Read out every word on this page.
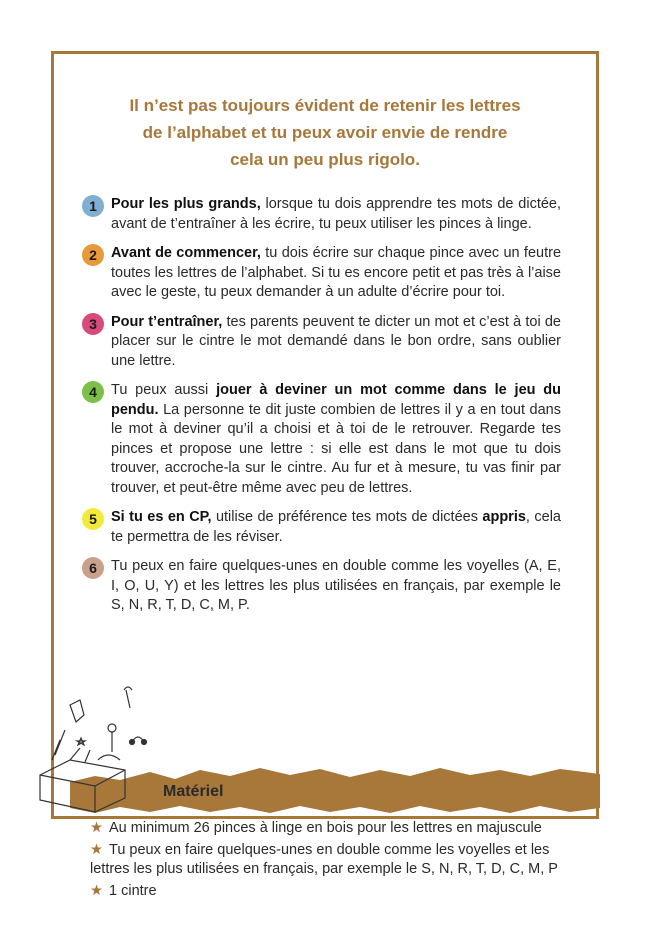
Il n’est pas toujours évident de retenir les lettres
de l’alphabet et tu peux avoir envie de rendre
cela un peu plus rigolo.
1 Pour les plus grands, lorsque tu dois apprendre tes mots de dictée, avant de t’entraîner à les écrire, tu peux utiliser les pinces à linge.
2 Avant de commencer, tu dois écrire sur chaque pince avec un feutre toutes les lettres de l’alphabet. Si tu es encore petit et pas très à l’aise avec le geste, tu peux demander à un adulte d’écrire pour toi.
3 Pour t’entraîner, tes parents peuvent te dicter un mot et c’est à toi de placer sur le cintre le mot demandé dans le bon ordre, sans oublier une lettre.
4 Tu peux aussi jouer à deviner un mot comme dans le jeu du pendu. La personne te dit juste combien de lettres il y a en tout dans le mot à deviner qu’il a choisi et à toi de le retrouver. Regarde tes pinces et propose une lettre : si elle est dans le mot que tu dois trouver, accroche-la sur le cintre. Au fur et à mesure, tu vas finir par trouver, et peut-être même avec peu de lettres.
5 Si tu es en CP, utilise de préférence tes mots de dictées appris, cela te permettra de les réviser.
6 Tu peux en faire quelques-unes en double comme les voyelles (A, E, I, O, U, Y) et les lettres les plus utilisées en français, par exemple le S, N, R, T, D, C, M, P.
Matériel
★ Au minimum 26 pinces à linge en bois pour les lettres en majuscule
★ Tu peux en faire quelques-unes en double comme les voyelles et les lettres les plus utilisées en français, par exemple le S, N, R, T, D, C, M, P
★ 1 cintre
